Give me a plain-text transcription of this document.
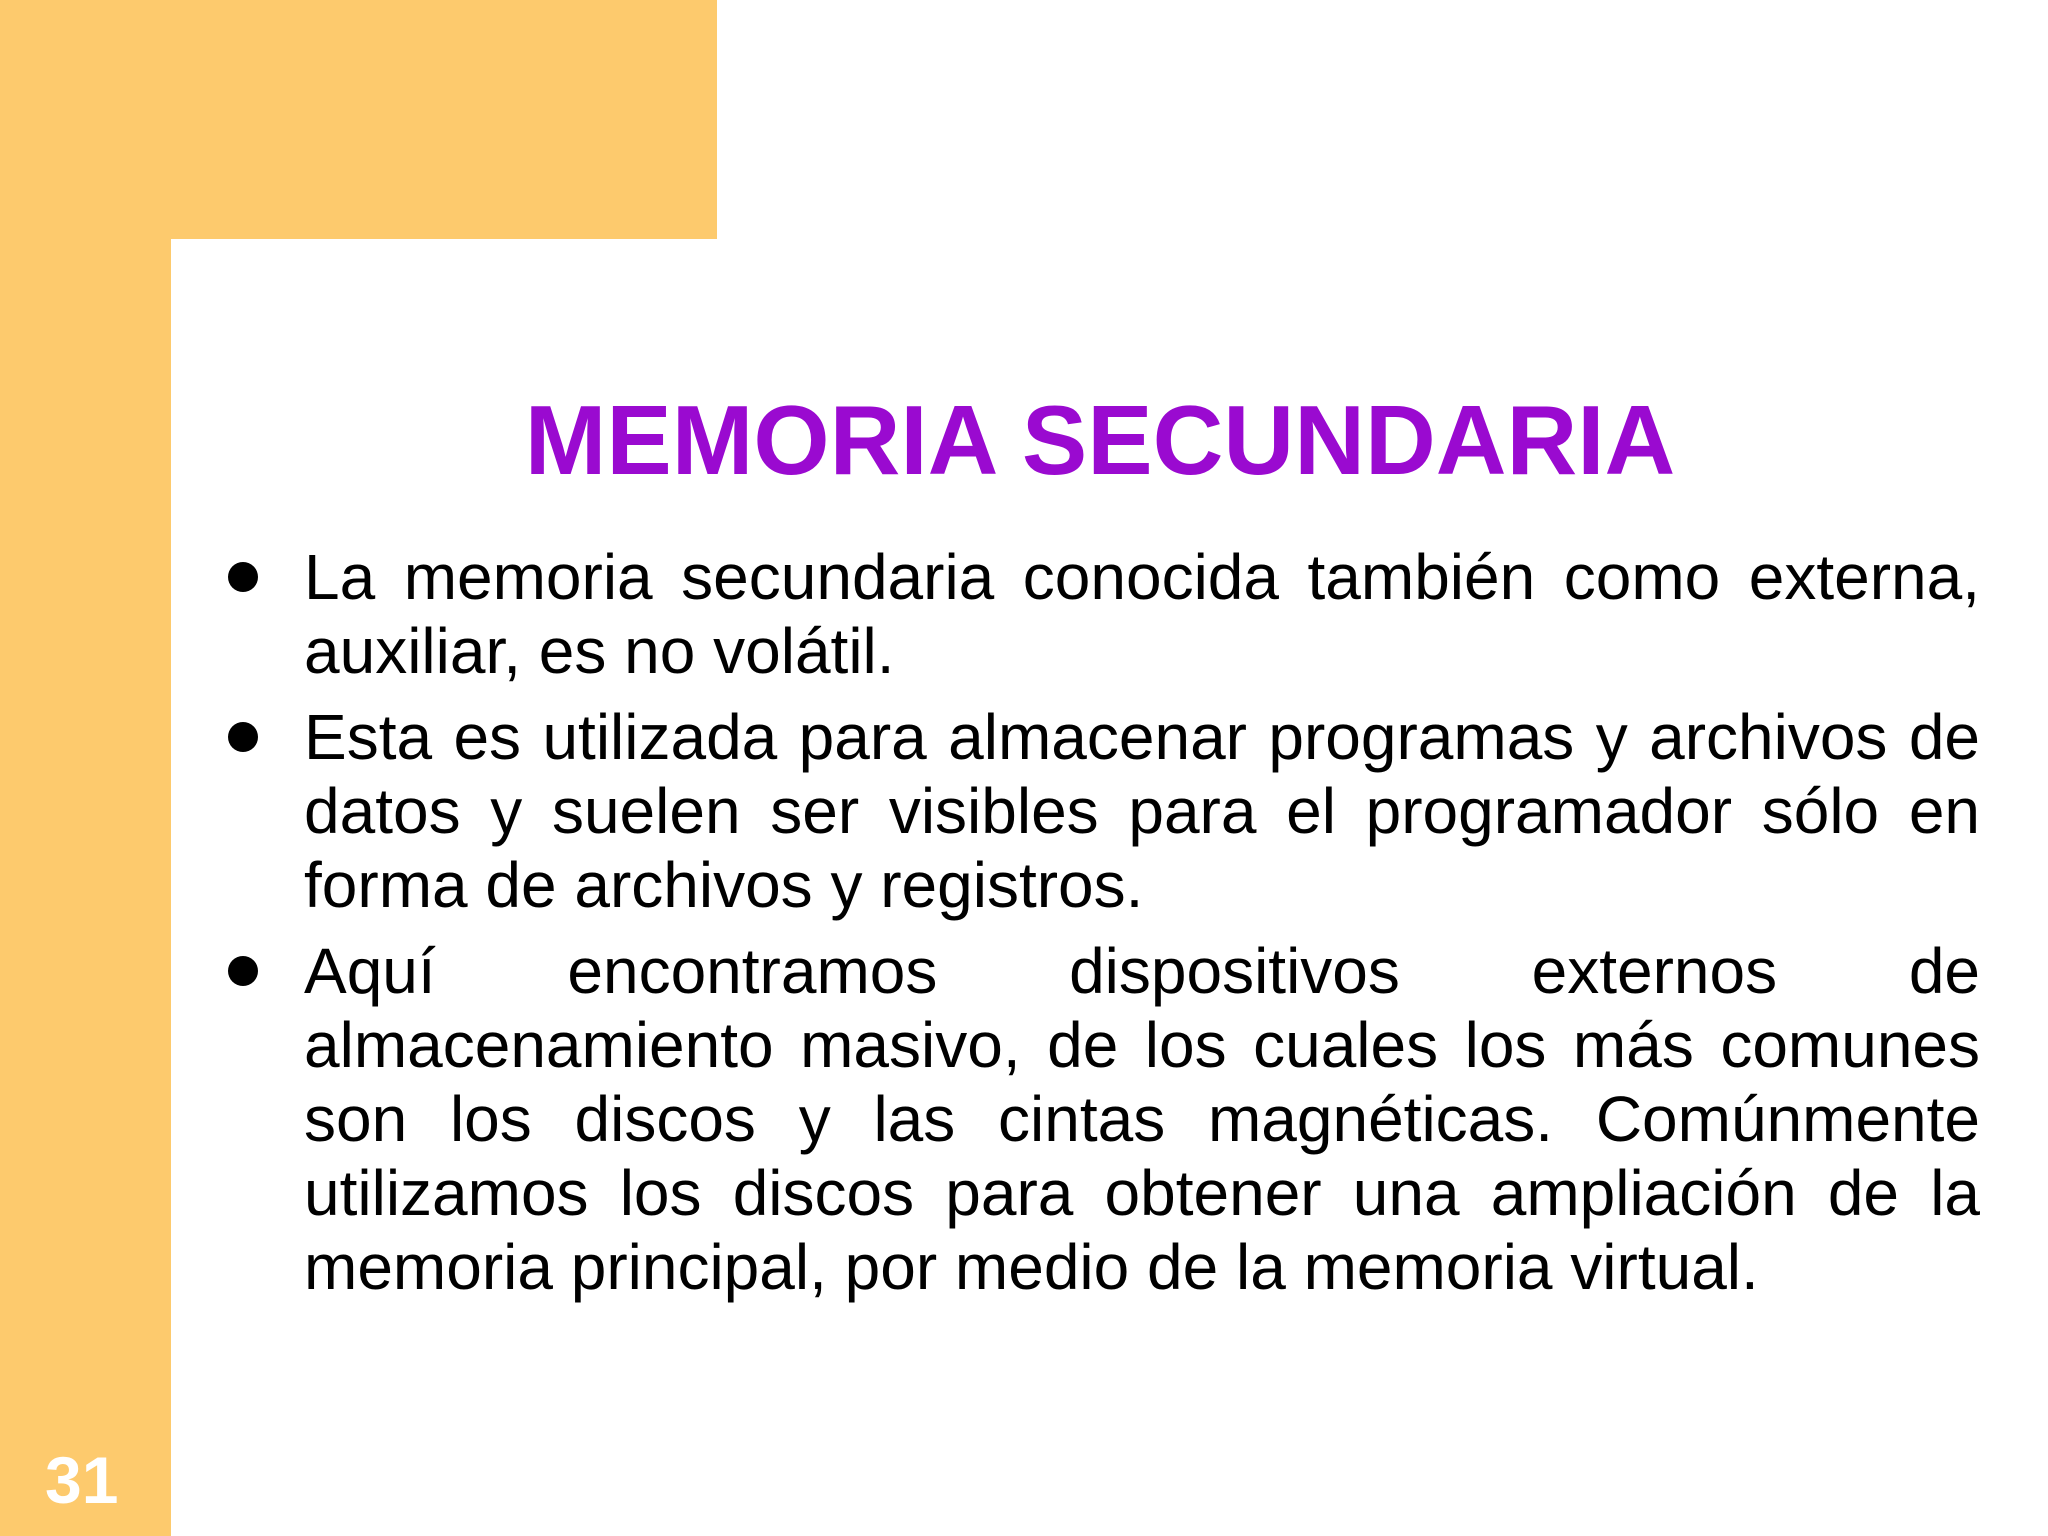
31
MEMORIA SECUNDARIA
La memoria secundaria conocida también como externa, auxiliar, es no volátil.
Esta es utilizada para almacenar programas y archivos de datos y suelen ser visibles para el programador sólo en forma de archivos y registros.
Aquí encontramos dispositivos externos de almacenamiento masivo, de los cuales los más comunes son los discos y las cintas magnéticas. Comúnmente utilizamos los discos para obtener una ampliación de la memoria principal, por medio de la memoria virtual.
